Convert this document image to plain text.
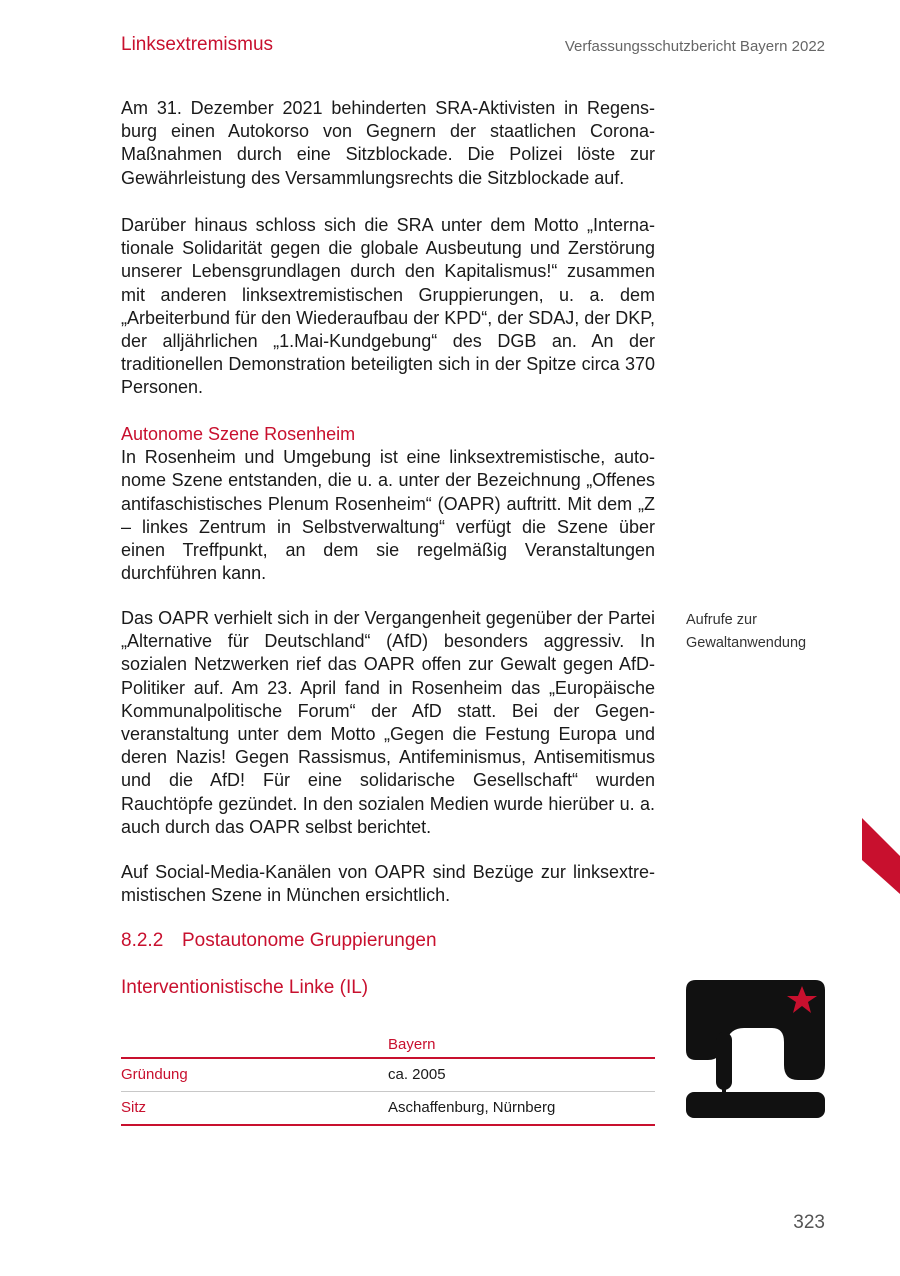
Linksextremismus	Verfassungsschutzbericht Bayern 2022

Am 31. Dezember 2021 behinderten SRA-Aktivisten in Regensburg einen Autokorso von Gegnern der staatlichen Corona-Maßnahmen durch eine Sitzblockade. Die Polizei löste zur Gewährleistung des Versammlungsrechts die Sitzblockade auf.

Darüber hinaus schloss sich die SRA unter dem Motto „Internationale Solidarität gegen die globale Ausbeutung und Zerstörung unserer Lebensgrundlagen durch den Kapitalismus!“ zusammen mit anderen linksextremistischen Gruppierungen, u. a. dem „Arbeiterbund für den Wiederaufbau der KPD“, der SDAJ, der DKP, der alljährlichen „1.Mai-Kundgebung“ des DGB an. An der traditionellen Demonstration beteiligten sich in der Spitze circa 370 Personen.

Autonome Szene Rosenheim

In Rosenheim und Umgebung ist eine linksextremistische, autonome Szene entstanden, die u. a. unter der Bezeichnung „Offenes antifaschistisches Plenum Rosenheim“ (OAPR) auftritt. Mit dem „Z – linkes Zentrum in Selbstverwaltung“ verfügt die Szene über einen Treffpunkt, an dem sie regelmäßig Veranstaltungen durchführen kann.

Das OAPR verhielt sich in der Vergangenheit gegenüber der Partei „Alternative für Deutschland“ (AfD) besonders aggressiv. In sozialen Netzwerken rief das OAPR offen zur Gewalt gegen AfD-Politiker auf. Am 23. April fand in Rosenheim das „Europäische Kommunalpolitische Forum“ der AfD statt. Bei der Gegenveranstaltung unter dem Motto „Gegen die Festung Europa und deren Nazis! Gegen Rassismus, Antifeminismus, Antisemitismus und die AfD! Für eine solidarische Gesellschaft“ wurden Rauchtöpfe gezündet. In den sozialen Medien wurde hierüber u. a. auch durch das OAPR selbst berichtet.

Aufrufe zur
Gewaltanwendung

Auf Social-Media-Kanälen von OAPR sind Bezüge zur linksextremistischen Szene in München ersichtlich.

8.2.2 Postautonome Gruppierungen

Interventionistische Linke (IL)

	Bayern
Gründung	ca. 2005
Sitz	Aschaffenburg, Nürnberg
323
